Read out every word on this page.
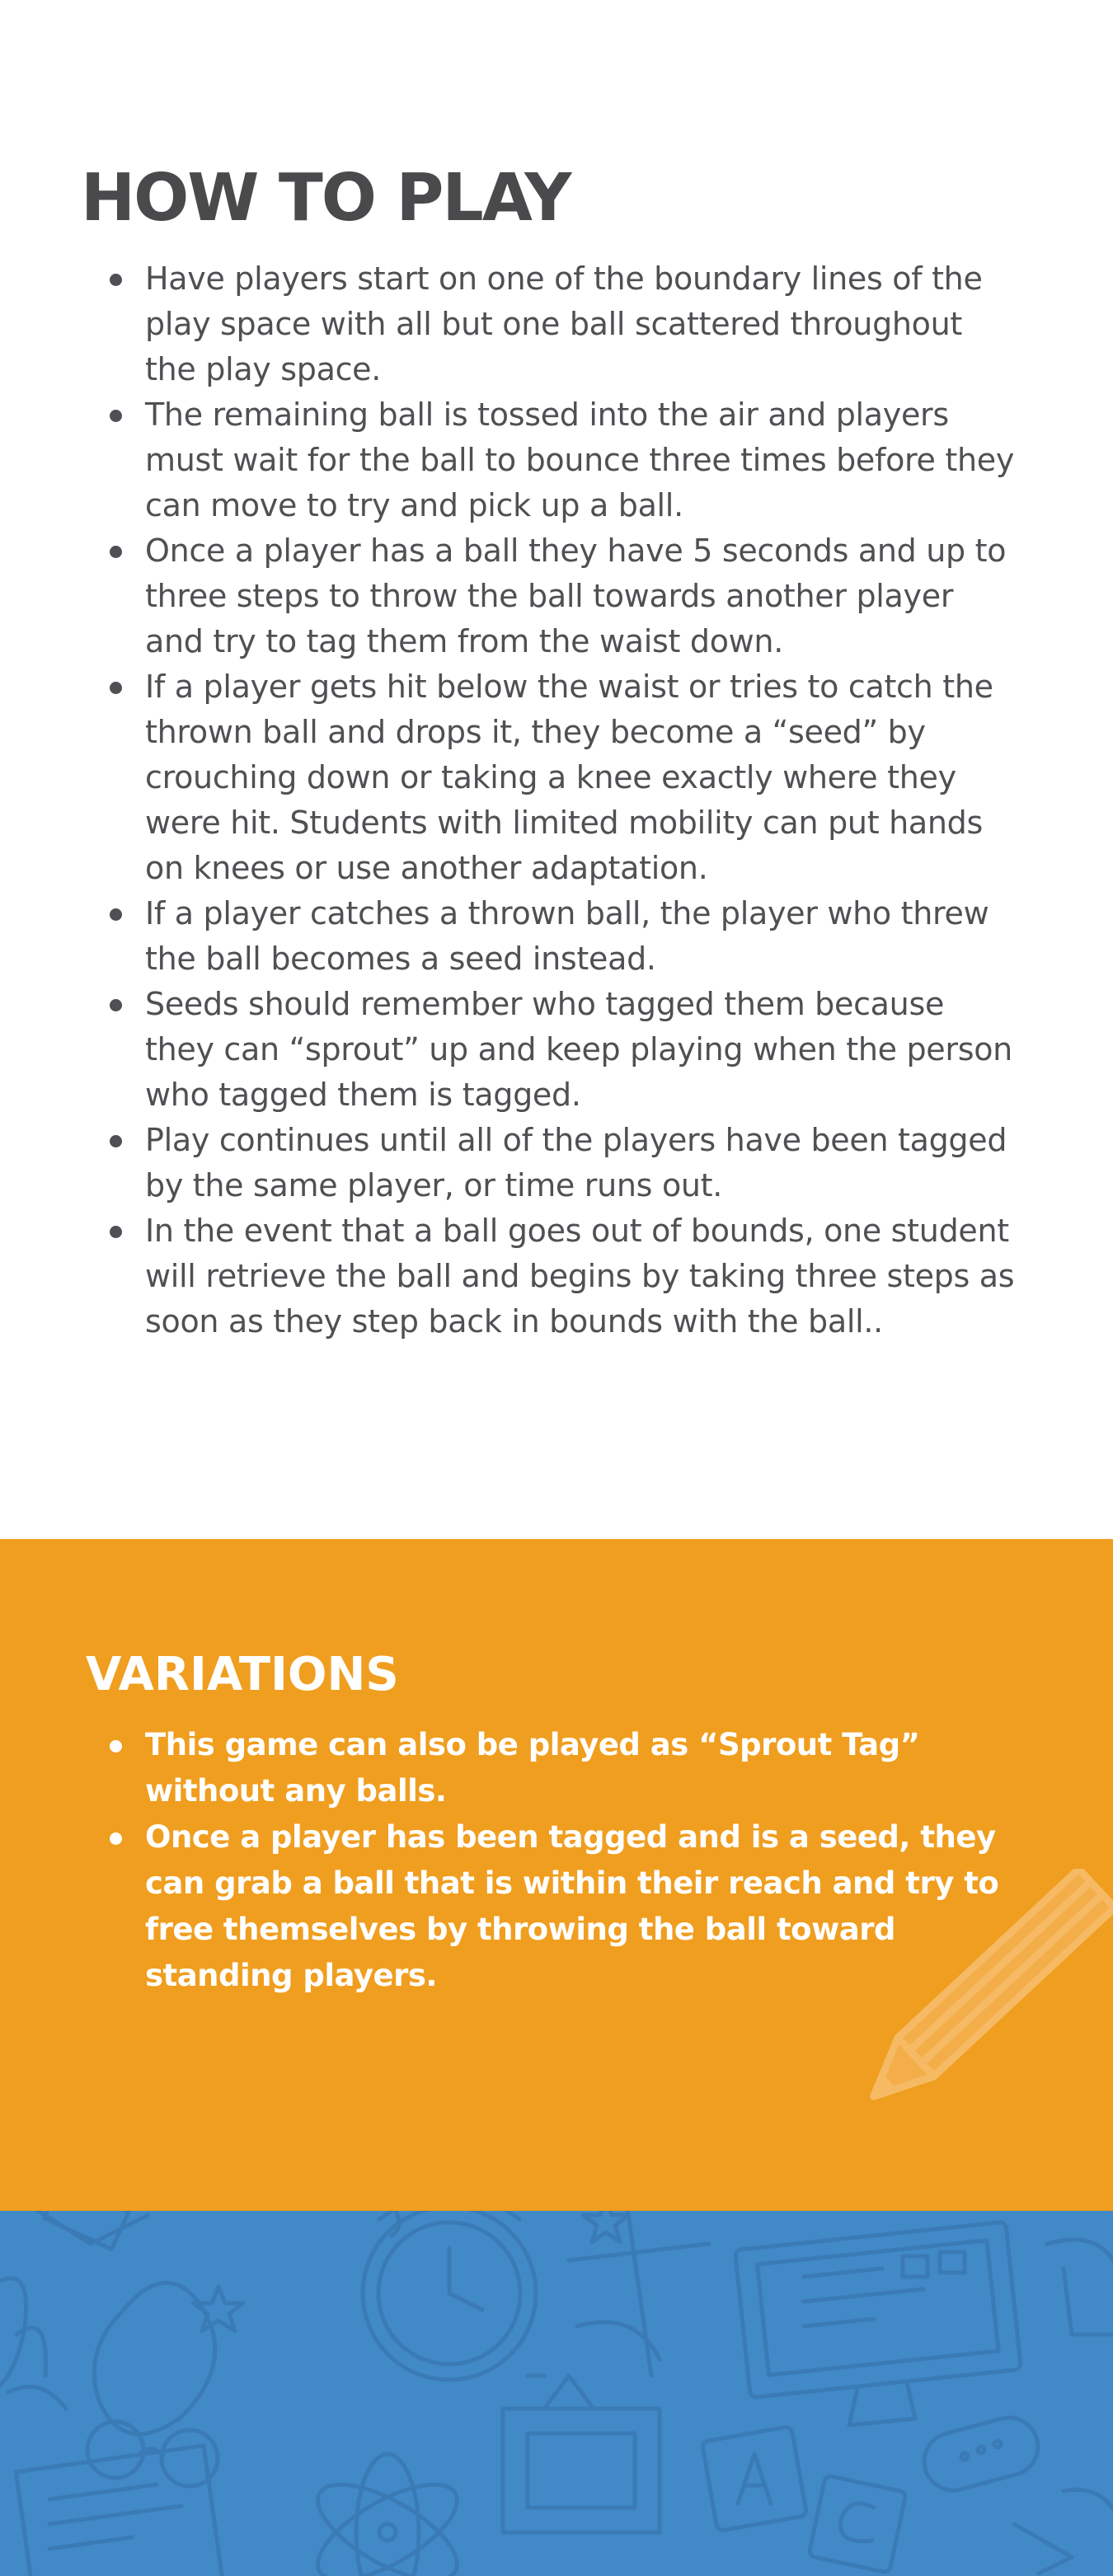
HOW TO PLAY
Have players start on one of the boundary lines of the play space with all but one ball scattered throughout the play space.
The remaining ball is tossed into the air and players must wait for the ball to bounce three times before they can move to try and pick up a ball.
Once a player has a ball they have 5 seconds and up to three steps to throw the ball towards another player and try to tag them from the waist down.
If a player gets hit below the waist or tries to catch the thrown ball and drops it, they become a “seed” by crouching down or taking a knee exactly where they were hit. Students with limited mobility can put hands on knees or use another adaptation.
If a player catches a thrown ball, the player who threw the ball becomes a seed instead.
Seeds should remember who tagged them because they can “sprout” up and keep playing when the person who tagged them is tagged.
Play continues until all of the players have been tagged by the same player, or time runs out.
In the event that a ball goes out of bounds, one student will retrieve the ball and begins by taking three steps as soon as they step back in bounds with the ball..
VARIATIONS
This game can also be played as “Sprout Tag” without any balls.
Once a player has been tagged and is a seed, they can grab a ball that is within their reach and try to free themselves by throwing the ball toward standing players.
